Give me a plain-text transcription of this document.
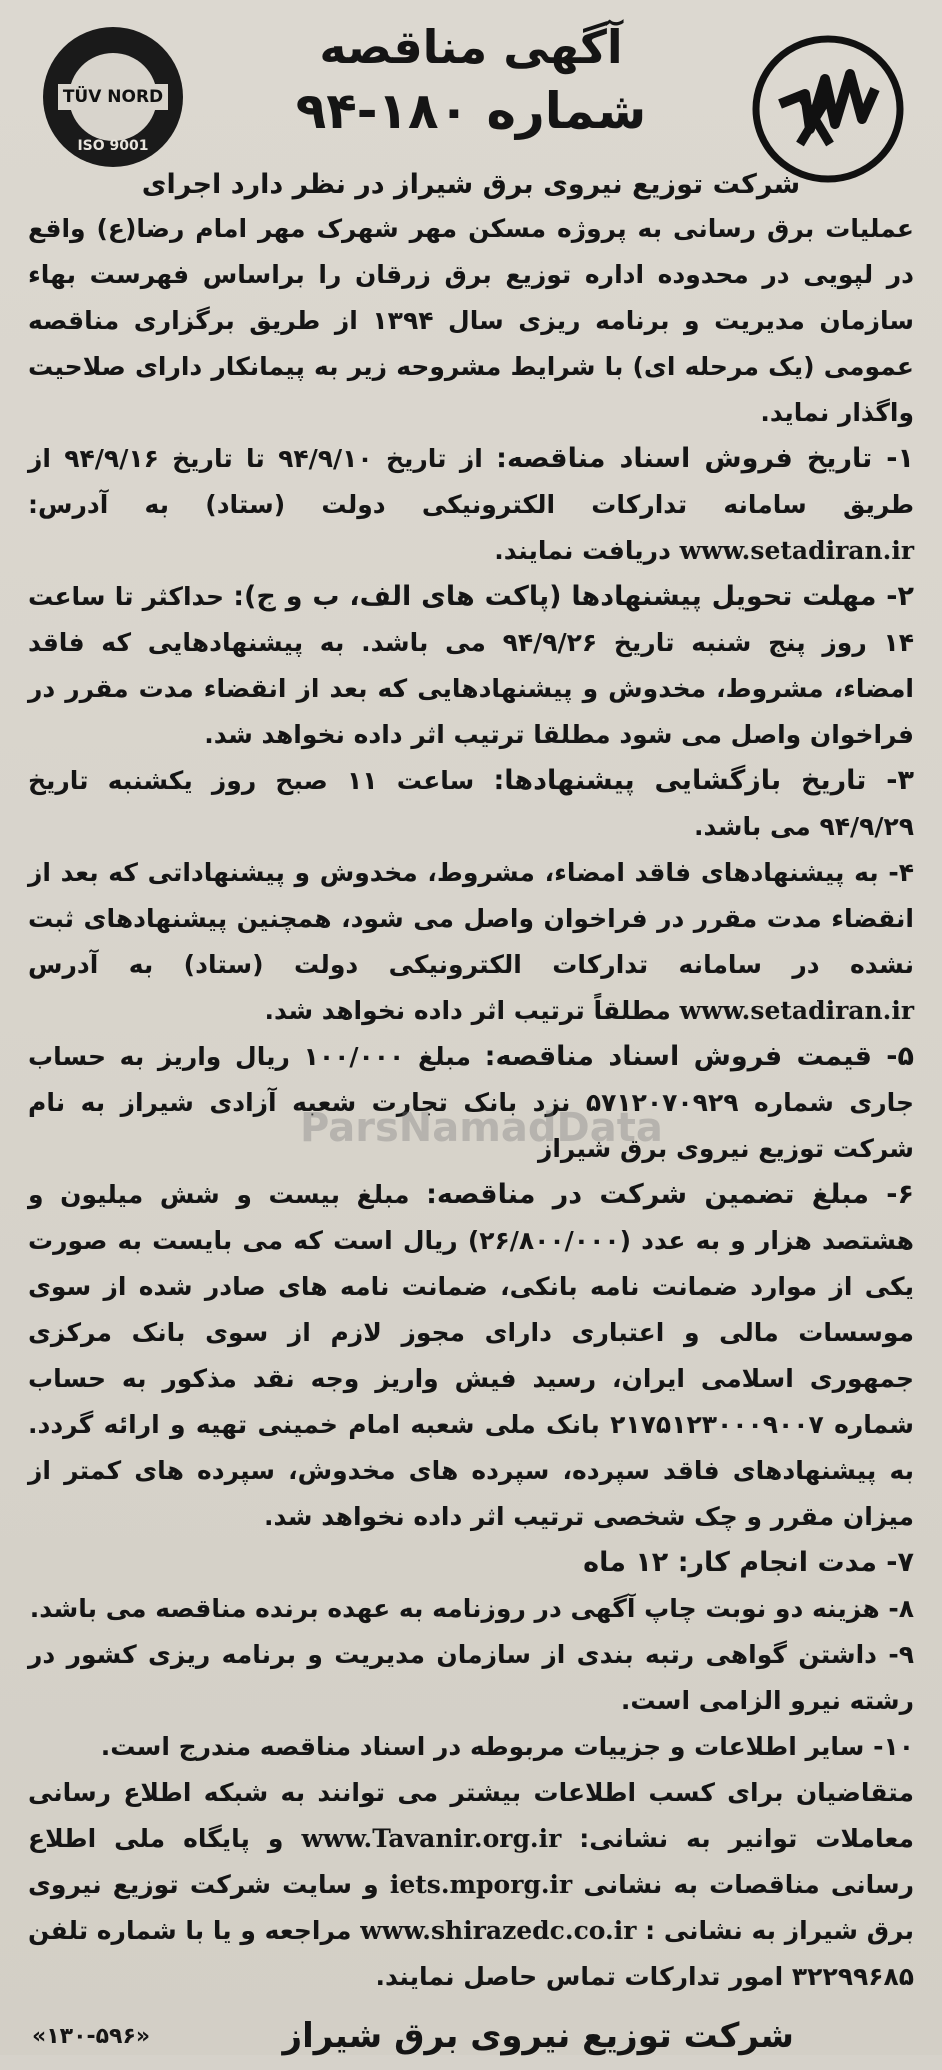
TÜV NORD
ISO 9001
آگهی مناقصه
شماره ۱۸۰-۹۴
شرکت توزیع نیروی برق شیراز در نظر دارد اجرای
عملیات برق رسانی به پروژه مسکن مهر شهرک مهر امام رضا(ع) واقع در لپویی در محدوده اداره توزیع برق زرقان را براساس فهرست بهاء سازمان مدیریت و برنامه ریزی سال ۱۳۹۴ از طریق برگزاری مناقصه عمومی (یک مرحله ای) با شرایط مشروحه زیر به پیمانکار دارای صلاحیت واگذار نماید.
۱- تاریخ فروش اسناد مناقصه: از تاریخ ۹۴/۹/۱۰ تا تاریخ ۹۴/۹/۱۶ از طریق سامانه تدارکات الکترونیکی دولت (ستاد) به آدرس: www.setadiran.ir دریافت نمایند.
۲- مهلت تحویل پیشنهادها (پاکت های الف، ب و ج): حداکثر تا ساعت ۱۴ روز پنج شنبه تاریخ ۹۴/۹/۲۶ می باشد. به پیشنهادهایی که فاقد امضاء، مشروط، مخدوش و پیشنهادهایی که بعد از انقضاء مدت مقرر در فراخوان واصل می شود مطلقا ترتیب اثر داده نخواهد شد.
۳- تاریخ بازگشایی پیشنهادها: ساعت ۱۱ صبح روز یکشنبه تاریخ ۹۴/۹/۲۹ می باشد.
۴- به پیشنهادهای فاقد امضاء، مشروط، مخدوش و پیشنهاداتی که بعد از انقضاء مدت مقرر در فراخوان واصل می شود، همچنین پیشنهادهای ثبت نشده در سامانه تدارکات الکترونیکی دولت (ستاد) به آدرس www.setadiran.ir مطلقاً ترتیب اثر داده نخواهد شد.
۵- قیمت فروش اسناد مناقصه: مبلغ ۱۰۰/۰۰۰ ریال واریز به حساب جاری شماره ۵۷۱۲۰۷۰۹۲۹ نزد بانک تجارت شعبه آزادی شیراز به نام شرکت توزیع نیروی برق شیراز
۶- مبلغ تضمین شرکت در مناقصه: مبلغ بیست و شش میلیون و هشتصد هزار و به عدد (۲۶/۸۰۰/۰۰۰) ریال است که می بایست به صورت یکی از موارد ضمانت نامه بانکی، ضمانت نامه های صادر شده از سوی موسسات مالی و اعتباری دارای مجوز لازم از سوی بانک مرکزی جمهوری اسلامی ایران، رسید فیش واریز وجه نقد مذکور به حساب شماره ۲۱۷۵۱۲۳۰۰۰۹۰۰۷ بانک ملی شعبه امام خمینی تهیه و ارائه گردد. به پیشنهادهای فاقد سپرده، سپرده های مخدوش، سپرده های کمتر از میزان مقرر و چک شخصی ترتیب اثر داده نخواهد شد.
۷- مدت انجام کار: ۱۲ ماه
۸- هزینه دو نوبت چاپ آگهی در روزنامه به عهده برنده مناقصه می باشد.
۹- داشتن گواهی رتبه بندی از سازمان مدیریت و برنامه ریزی کشور در رشته نیرو الزامی است.
۱۰- سایر اطلاعات و جزییات مربوطه در اسناد مناقصه مندرج است.
متقاضیان برای کسب اطلاعات بیشتر می توانند به شبکه اطلاع رسانی معاملات توانیر به نشانی: www.Tavanir.org.ir و پایگاه ملی اطلاع رسانی مناقصات به نشانی iets.mporg.ir و سایت شرکت توزیع نیروی برق شیراز به نشانی : www.shirazedc.co.ir مراجعه و یا با شماره تلفن ۳۲۲۹۹۶۸۵ امور تدارکات تماس حاصل نمایند.
شرکت توزیع نیروی برق شیراز
«۱۳۰-۵۹۶»
ParsNamadData
